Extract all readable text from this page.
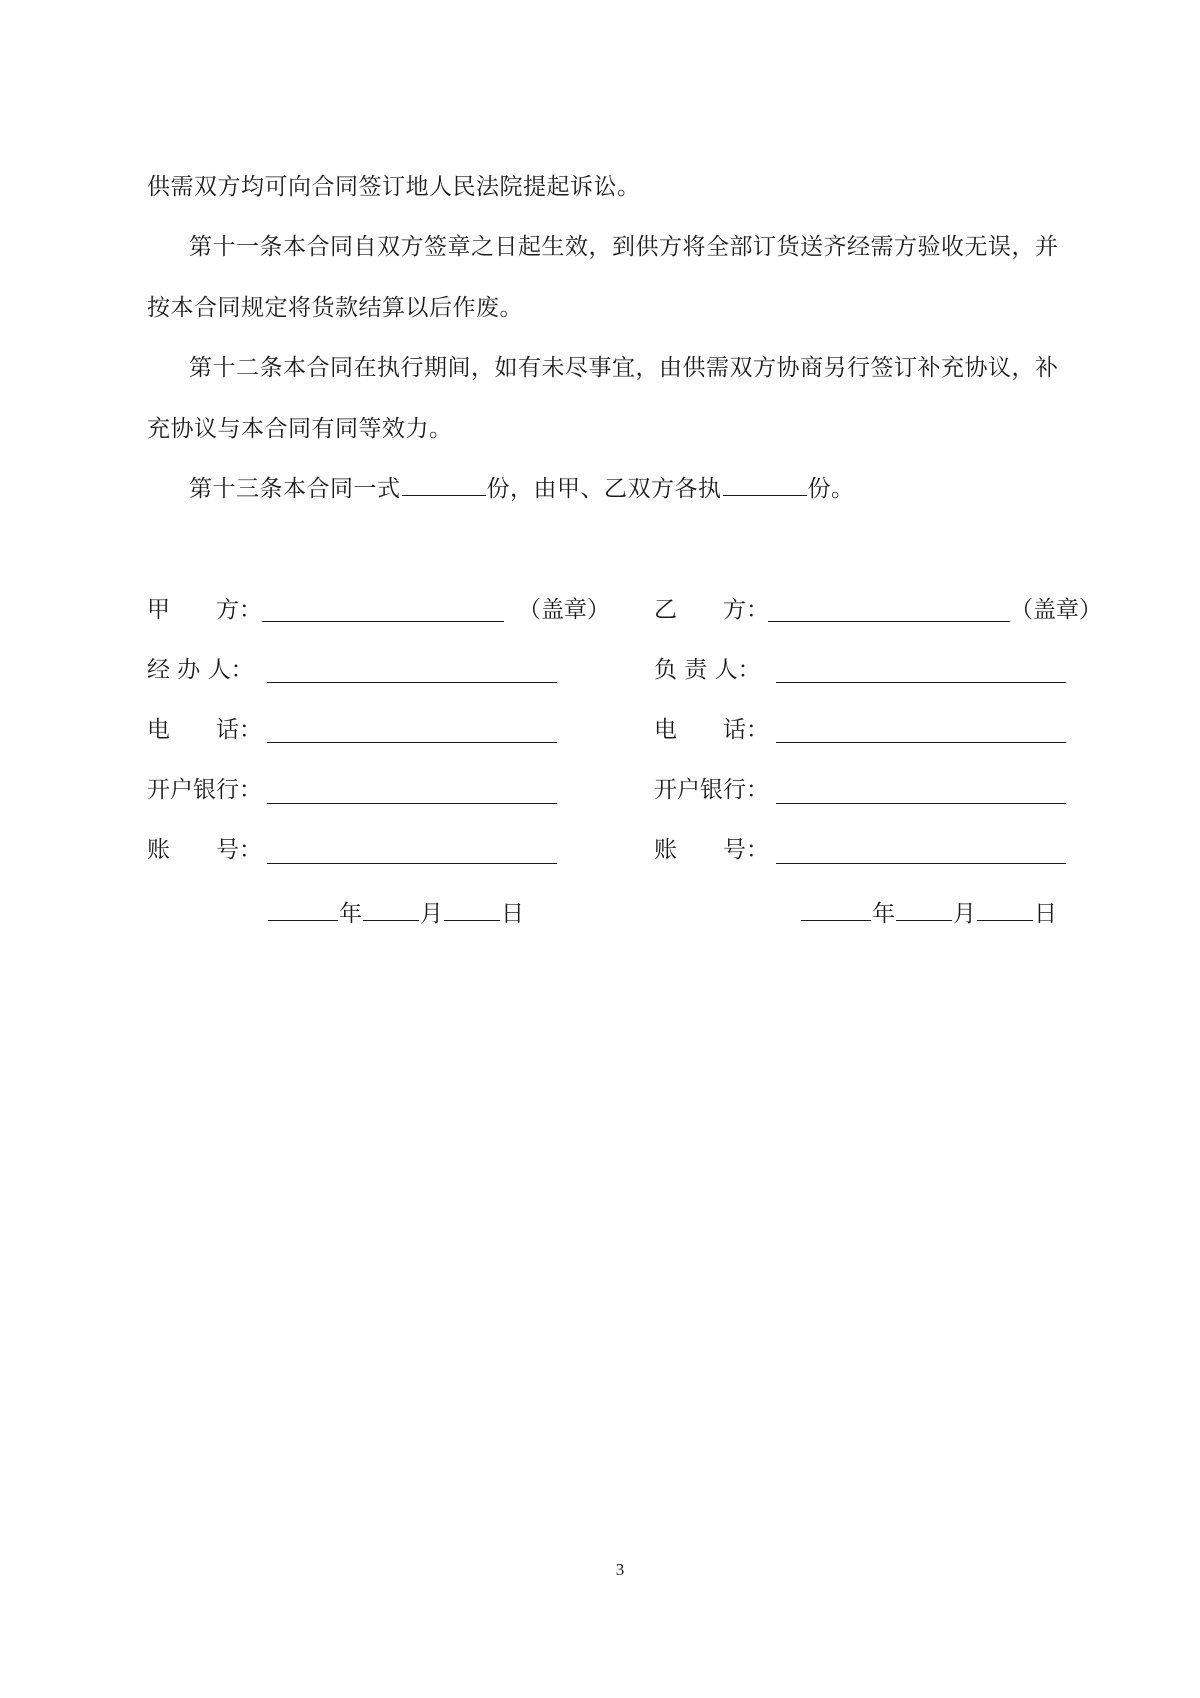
供需双方均可向合同签订地人民法院提起诉讼。
第十一条本合同自双方签章之日起生效，到供方将全部订货送齐经需方验收无误，并
按本合同规定将货款结算以后作废。
第十二条本合同在执行期间，如有未尽事宜，由供需双方协商另行签订补充协议，补
充协议与本合同有同等效力。
第十三条本合同一式	份，由甲、乙双方各执	份。
甲　　方：	（盖章）
经 办 人：
电　　话：
开户银行：
账　　号：
年	月	日
乙　　方：	（盖章）
负 责 人：
电　　话：
开户银行：
账　　号：
年	月	日
3
